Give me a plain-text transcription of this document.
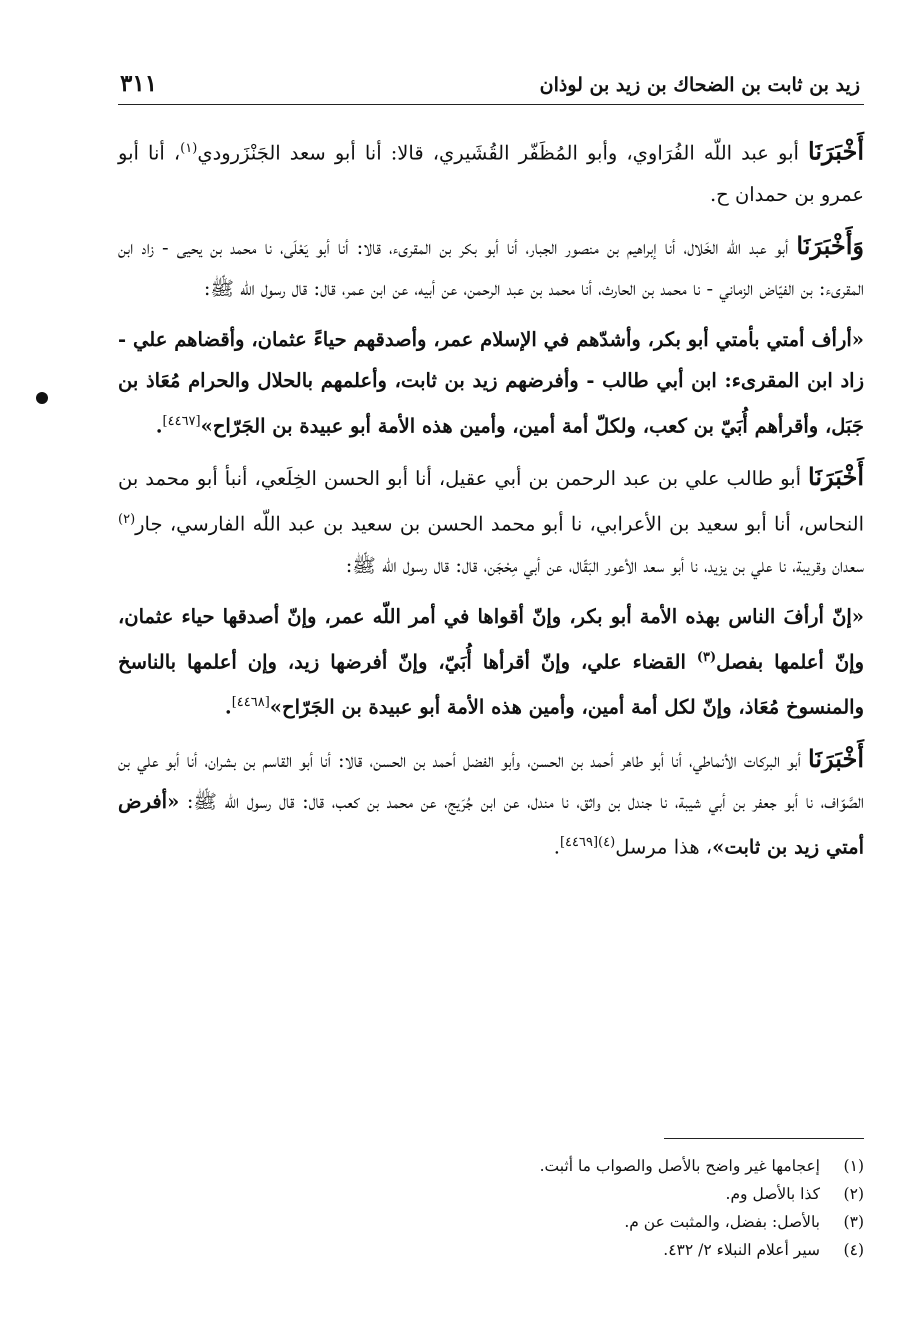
زيد بن ثابت بن الضحاك بن زيد بن لوذان
٣١١

أَخْبَرَنَا أبو عبد اللّه الفُرَاوي، وأبو المُظَفّر القُشَيري، قالا: أنا أبو سعد الجَنْزَرودي$^{(١)}$، أنا أبو عمرو بن حمدان ح.

وَأَخْبَرَنَا أبو عبد اللّه الخَلال، أنا إبراهيم بن منصور الجبار، أنا أبو بكر بن المقرىء، قالا: أنا أبو يَعْلَى، نا محمد بن يحيى - زاد ابن المقرىء: بن الفيّاض الزماني - نا محمد بن الحارث، أنا محمد بن عبد الرحمن، عن أبيه، عن ابن عمر، قال: قال رسول اللّه ﷺ:

«أرأف أمتي بأمتي أبو بكر، وأشدّهم في الإسلام عمر، وأصدقهم حياءً عثمان، وأقضاهم علي - زاد ابن المقرىء: ابن أبي طالب - وأفرضهم زيد بن ثابت، وأعلمهم بالحلال والحرام مُعَاذ بن جَبَل، وأقرأهم أُبَيّ بن كعب، ولكلّ أمة أمين، وأمين هذه الأمة أبو عبيدة بن الجَرّاح»[٤٤٦٧].

أَخْبَرَنَا أبو طالب علي بن عبد الرحمن بن أبي عقيل، أنا أبو الحسن الخِلَعي، أنبأ أبو محمد بن النحاس، أنا أبو سعيد بن الأعرابي، نا أبو محمد الحسن بن سعيد بن عبد اللّه الفارسي، جار$^{(٢)}$ سعدان وقريبة، نا علي بن يزيد، نا أبو سعد الأعور البَقّال، عن أبي مِحْجَن، قال: قال رسول اللّه ﷺ:

«إنّ أرأفَ الناس بهذه الأمة أبو بكر، وإنّ أقواها في أمر اللّه عمر، وإنّ أصدقها حياء عثمان، وإنّ أعلمها بفصل$^{(٣)}$ القضاء علي، وإنّ أقرأها أُبَيّ، وإنّ أفرضها زيد، وإن أعلمها بالناسخ والمنسوخ مُعَاذ، وإنّ لكل أمة أمين، وأمين هذه الأمة أبو عبيدة بن الجَرّاح»[٤٤٦٨].

أَخْبَرَنَا أبو البركات الأنماطي، أنا أبو طاهر أحمد بن الحسن، وأبو الفضل أحمد بن الحسن، قالا: أنا أبو القاسم بن بشران، أنا أبو علي بن الصَّوّاف، نا أبو جعفر بن أبي شيبة، نا جندل بن واثق، نا مندل، عن ابن جُرَيج، عن محمد بن كعب، قال: قال رسول اللّه ﷺ: «أفرض أمتي زيد بن ثابت»، هذا مرسل$^{(٤)[٤٤٦٩]}$.

(١)
إعجامها غير واضح بالأصل والصواب ما أثبت.
(٢)
كذا بالأصل وم.
(٣)
بالأصل: بفضل، والمثبت عن م.
(٤)
سير أعلام النبلاء ٢/ ٤٣٢.
